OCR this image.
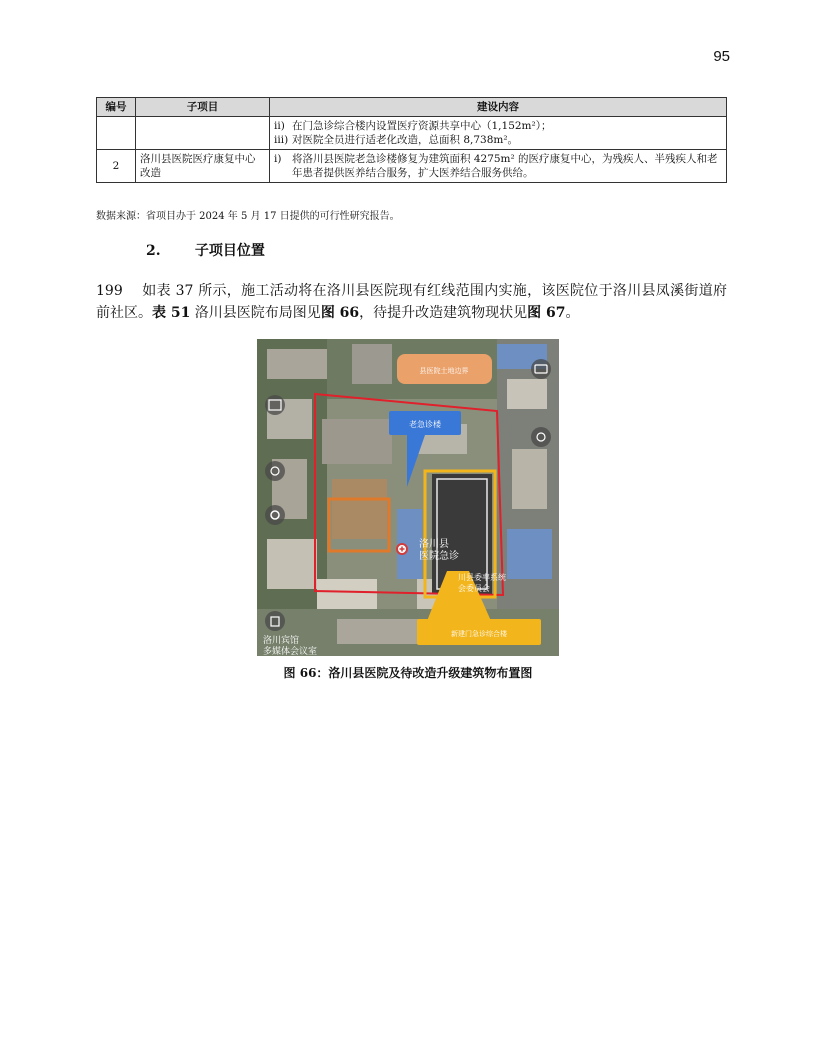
95
编号	子项目	建设内容

		ii) 在门急诊综合楼内设置医疗资源共享中心（1,152m²）；
iii) 对医院全员进行适老化改造，总面积 8,738m²。

2	洛川县医院医疗康复中心改造	i) 将洛川县医院老急诊楼修复为建筑面积 4275m² 的医疗康复中心，为残疾人、半残疾人和老年患者提供医养结合服务，扩大医养结合服务供给。
数据来源：省项目办于 2024 年 5 月 17 日提供的可行性研究报告。
2. 子项目位置
199 如表 37 所示，施工活动将在洛川县医院现有红线范围内实施，该医院位于洛川县凤溪街道府前社区。表 51 洛川县医院布局图见图 66，待提升改造建筑物现状见图 67。
县医院土地边界
老急诊楼
新建门急诊综合楼
洛川县
医院急诊
川县委率系统
会委员会
洛川宾馆
多媒体会议室
图 66：洛川县医院及待改造升级建筑物布置图
